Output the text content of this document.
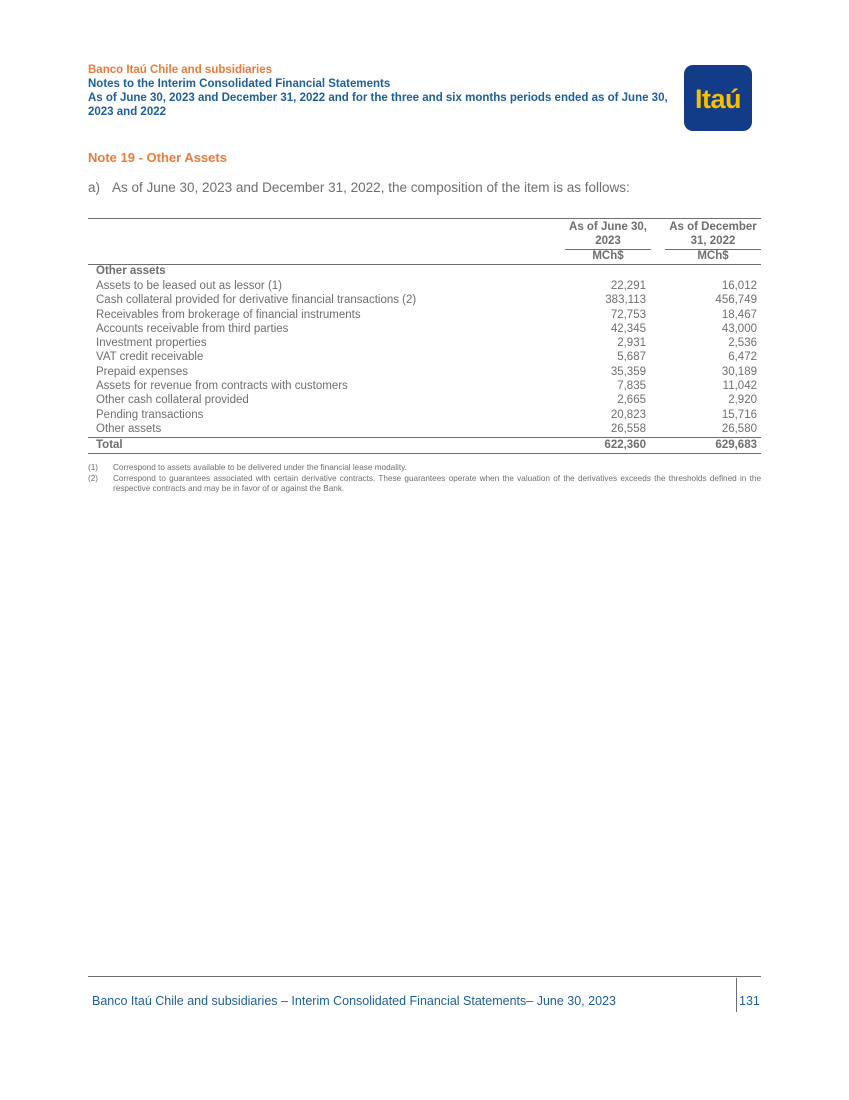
Banco Itaú Chile and subsidiaries
Notes to the Interim Consolidated Financial Statements
As of June 30, 2023 and December 31, 2022 and for the three and six months periods ended as of June 30, 2023 and 2022	Itaú
Note 19 - Other Assets
a) As of June 30, 2023 and December 31, 2022, the composition of the item is as follows:
As of June 30, 2023
MCh$
As of December 31, 2022
MCh$
Other assets
Assets to be leased out as lessor (1)	22,291	16,012
Cash collateral provided for derivative financial transactions (2)	383,113	456,749
Receivables from brokerage of financial instruments	72,753	18,467
Accounts receivable from third parties	42,345	43,000
Investment properties	2,931	2,536
VAT credit receivable	5,687	6,472
Prepaid expenses	35,359	30,189
Assets for revenue from contracts with customers	7,835	11,042
Other cash collateral provided	2,665	2,920
Pending transactions	20,823	15,716
Other assets	26,558	26,580
Total	622,360	629,683
(1) Correspond to assets available to be delivered under the financial lease modality.
(2) Correspond to guarantees associated with certain derivative contracts. These guarantees operate when the valuation of the derivatives exceeds the thresholds defined in the respective contracts and may be in favor of or against the Bank.
Banco Itaú Chile and subsidiaries – Interim Consolidated Financial Statements– June 30, 2023	131
